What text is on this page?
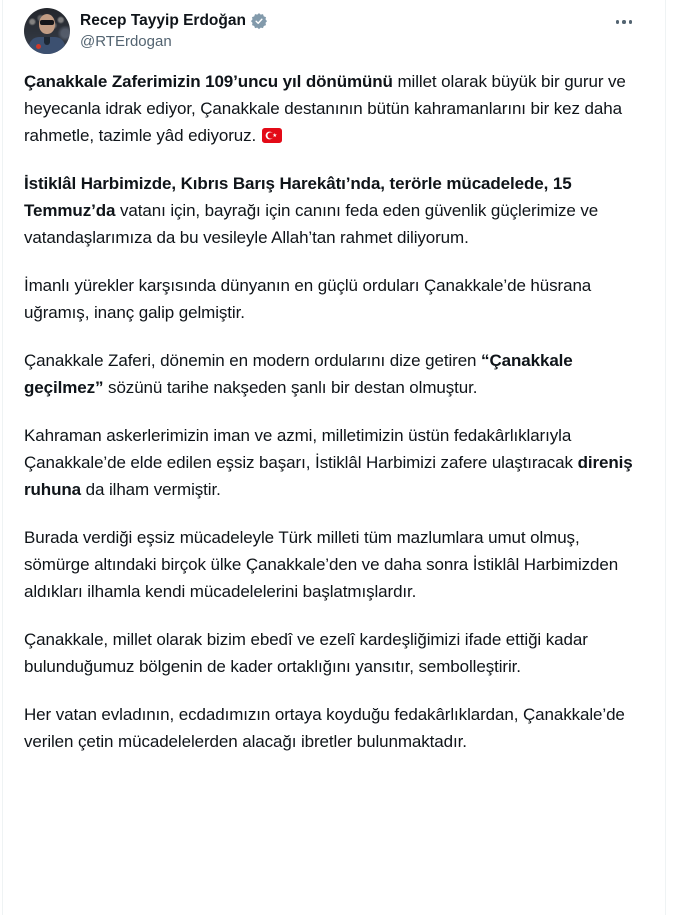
Recep Tayyip Erdoğan
@RTErdogan

Çanakkale Zaferimizin 109’uncu yıl dönümünü millet olarak büyük bir gurur ve heyecanla idrak ediyor, Çanakkale destanının bütün kahramanlarını bir kez daha rahmetle, tazimle yâd ediyoruz.

İstiklâl Harbimizde, Kıbrıs Barış Harekâtı’nda, terörle mücadelede, 15 Temmuz’da vatanı için, bayrağı için canını feda eden güvenlik güçlerimize ve vatandaşlarımıza da bu vesileyle Allah’tan rahmet diliyorum.

İmanlı yürekler karşısında dünyanın en güçlü orduları Çanakkale’de hüsrana uğramış, inanç galip gelmiştir.

Çanakkale Zaferi, dönemin en modern ordularını dize getiren “Çanakkale geçilmez” sözünü tarihe nakşeden şanlı bir destan olmuştur.

Kahraman askerlerimizin iman ve azmi, milletimizin üstün fedakârlıklarıyla Çanakkale’de elde edilen eşsiz başarı, İstiklâl Harbimizi zafere ulaştıracak direniş ruhuna da ilham vermiştir.

Burada verdiği eşsiz mücadeleyle Türk milleti tüm mazlumlara umut olmuş, sömürge altındaki birçok ülke Çanakkale’den ve daha sonra İstiklâl Harbimizden aldıkları ilhamla kendi mücadelelerini başlatmışlardır.

Çanakkale, millet olarak bizim ebedî ve ezelî kardeşliğimizi ifade ettiği kadar bulunduğumuz bölgenin de kader ortaklığını yansıtır, sembolleştirir.

Her vatan evladının, ecdadımızın ortaya koyduğu fedakârlıklardan, Çanakkale’de verilen çetin mücadelelerden alacağı ibretler bulunmaktadır.
